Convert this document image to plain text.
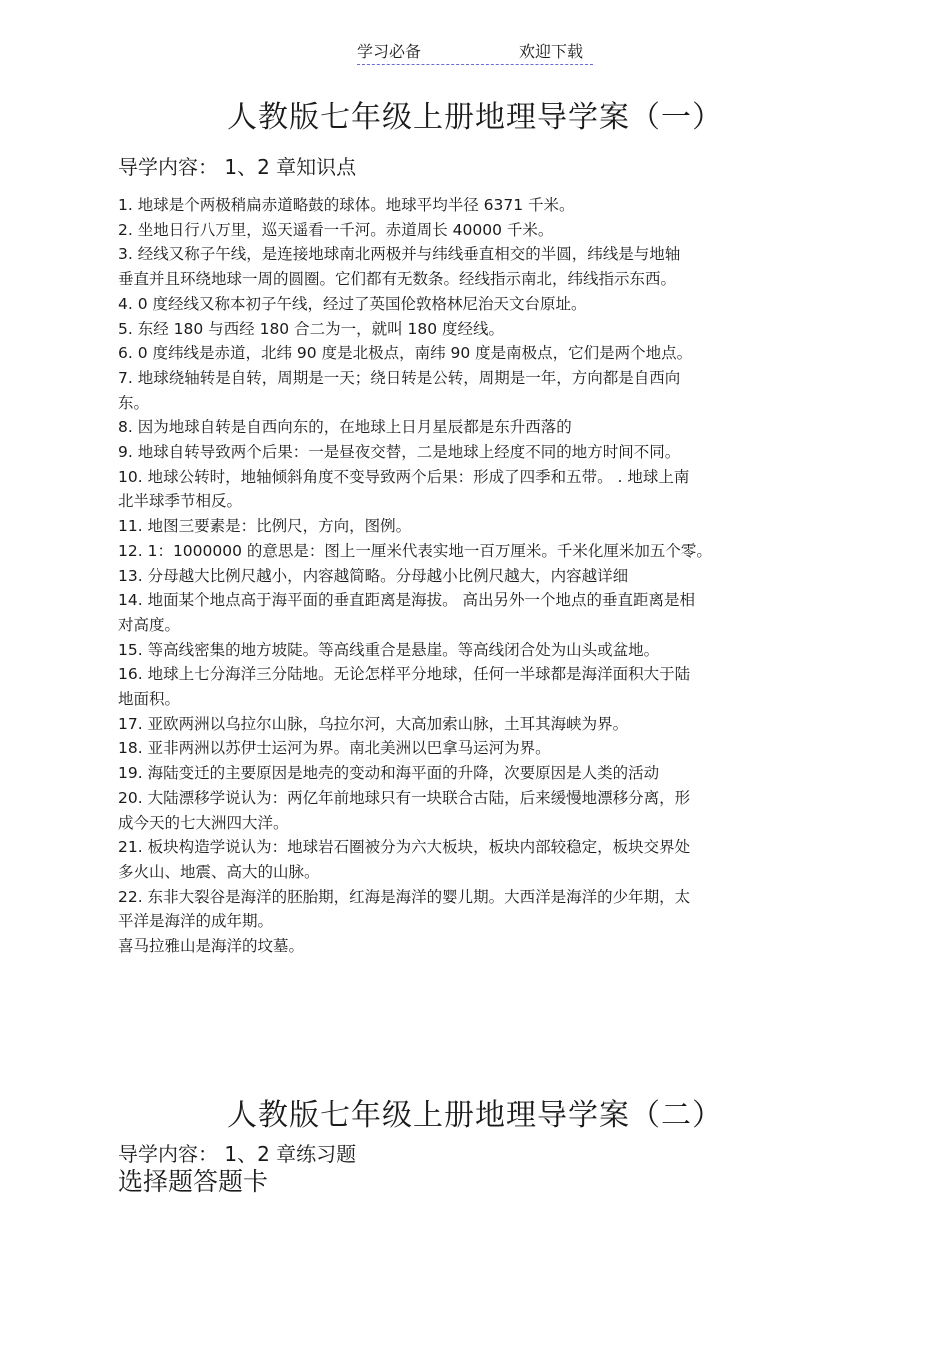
学习必备	欢迎下载
人教版七年级上册地理导学案（一）
导学内容： 1、2 章知识点

1. 地球是个两极稍扁赤道略鼓的球体。地球平均半径 6371 千米。

2. 坐地日行八万里，巡天遥看一千河。赤道周长 40000 千米。

3. 经线又称子午线，是连接地球南北两极并与纬线垂直相交的半圆，纬线是与地轴
垂直并且环绕地球一周的圆圈。它们都有无数条。经线指示南北，纬线指示东西。

4. 0 度经线又称本初子午线，经过了英国伦敦格林尼治天文台原址。

5. 东经 180 与西经 180 合二为一，就叫 180 度经线。

6. 0 度纬线是赤道，北纬 90 度是北极点，南纬 90 度是南极点，它们是两个地点。

7. 地球绕轴转是自转，周期是一天；绕日转是公转，周期是一年，方向都是自西向
东。

8. 因为地球自转是自西向东的，在地球上日月星辰都是东升西落的

9. 地球自转导致两个后果：一是昼夜交替，二是地球上经度不同的地方时间不同。

10. 地球公转时，地轴倾斜角度不变导致两个后果：形成了四季和五带。 . 地球上南
北半球季节相反。

11. 地图三要素是：比例尺，方向，图例。

12. 1：1000000 的意思是：图上一厘米代表实地一百万厘米。千米化厘米加五个零。

13. 分母越大比例尺越小，内容越简略。分母越小比例尺越大，内容越详细

14. 地面某个地点高于海平面的垂直距离是海拔。 高出另外一个地点的垂直距离是相
对高度。

15. 等高线密集的地方坡陡。等高线重合是悬崖。等高线闭合处为山头或盆地。

16. 地球上七分海洋三分陆地。无论怎样平分地球，任何一半球都是海洋面积大于陆
地面积。

17. 亚欧两洲以乌拉尔山脉，乌拉尔河，大高加索山脉，土耳其海峡为界。

18. 亚非两洲以苏伊士运河为界。南北美洲以巴拿马运河为界。

19. 海陆变迁的主要原因是地壳的变动和海平面的升降，次要原因是人类的活动

20. 大陆漂移学说认为：两亿年前地球只有一块联合古陆，后来缓慢地漂移分离，形
成今天的七大洲四大洋。

21. 板块构造学说认为：地球岩石圈被分为六大板块，板块内部较稳定，板块交界处
多火山、地震、高大的山脉。

22. 东非大裂谷是海洋的胚胎期，红海是海洋的婴儿期。大西洋是海洋的少年期，太
平洋是海洋的成年期。

喜马拉雅山是海洋的坟墓。

人教版七年级上册地理导学案（二）
导学内容： 1、2 章练习题
选择题答题卡
